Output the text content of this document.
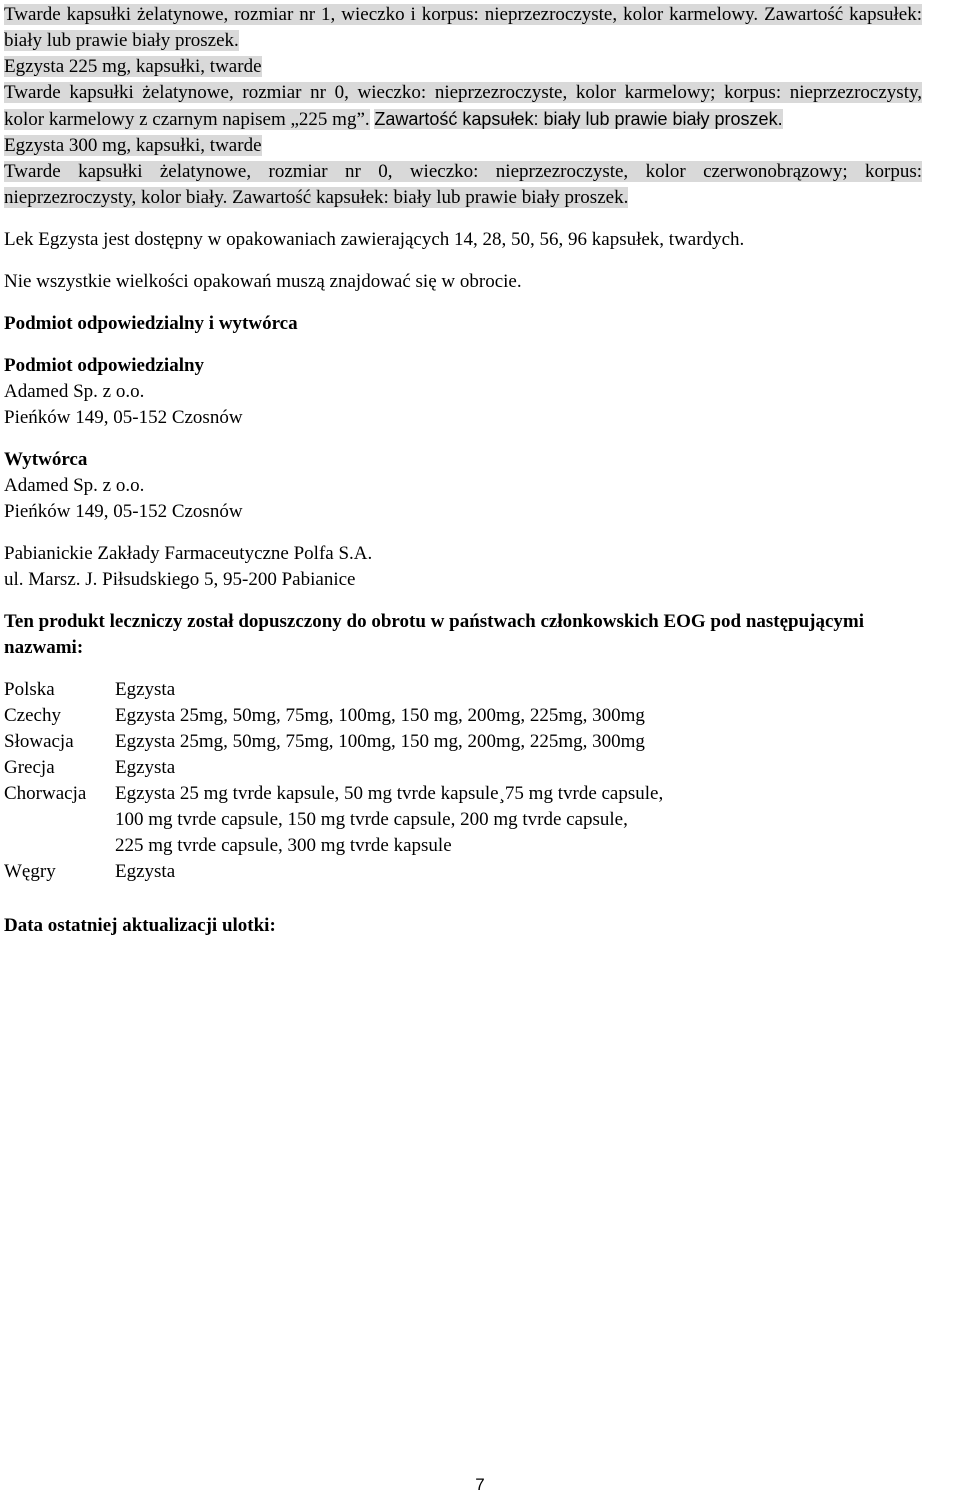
Twarde kapsułki żelatynowe, rozmiar nr 1, wieczko i korpus: nieprzezroczyste, kolor karmelowy. Zawartość kapsułek: biały lub prawie biały proszek.

Egzysta 225 mg, kapsułki, twarde

Twarde kapsułki żelatynowe, rozmiar nr 0, wieczko: nieprzezroczyste, kolor karmelowy; korpus: nieprzezroczysty, kolor karmelowy z czarnym napisem „225 mg”. Zawartość kapsułek: biały lub prawie biały proszek.

Egzysta 300 mg, kapsułki, twarde

Twarde kapsułki żelatynowe, rozmiar nr 0, wieczko: nieprzezroczyste, kolor czerwonobrązowy; korpus: nieprzezroczysty, kolor biały. Zawartość kapsułek: biały lub prawie biały proszek.

Lek Egzysta jest dostępny w opakowaniach zawierających 14, 28, 50, 56, 96 kapsułek, twardych.

Nie wszystkie wielkości opakowań muszą znajdować się w obrocie.

Podmiot odpowiedzialny i wytwórca

Podmiot odpowiedzialny

Adamed Sp. z o.o.

Pieńków 149, 05-152 Czosnów

Wytwórca

Adamed Sp. z o.o.

Pieńków 149, 05-152 Czosnów

Pabianickie Zakłady Farmaceutyczne Polfa S.A.

ul. Marsz. J. Piłsudskiego 5, 95-200 Pabianice

Ten produkt leczniczy został dopuszczony do obrotu w państwach członkowskich EOG pod następującymi nazwami:

Polska	Egzysta
Czechy	Egzysta 25mg, 50mg, 75mg, 100mg, 150 mg, 200mg, 225mg, 300mg
Słowacja	Egzysta 25mg, 50mg, 75mg, 100mg, 150 mg, 200mg, 225mg, 300mg
Grecja	Egzysta
Chorwacja	Egzysta 25 mg tvrde kapsule, 50 mg tvrde kapsule¸75 mg tvrde capsule,
100 mg tvrde capsule, 150 mg tvrde capsule, 200 mg tvrde capsule,
225 mg tvrde capsule, 300 mg tvrde kapsule
Węgry	Egzysta

Data ostatniej aktualizacji ulotki:

7
